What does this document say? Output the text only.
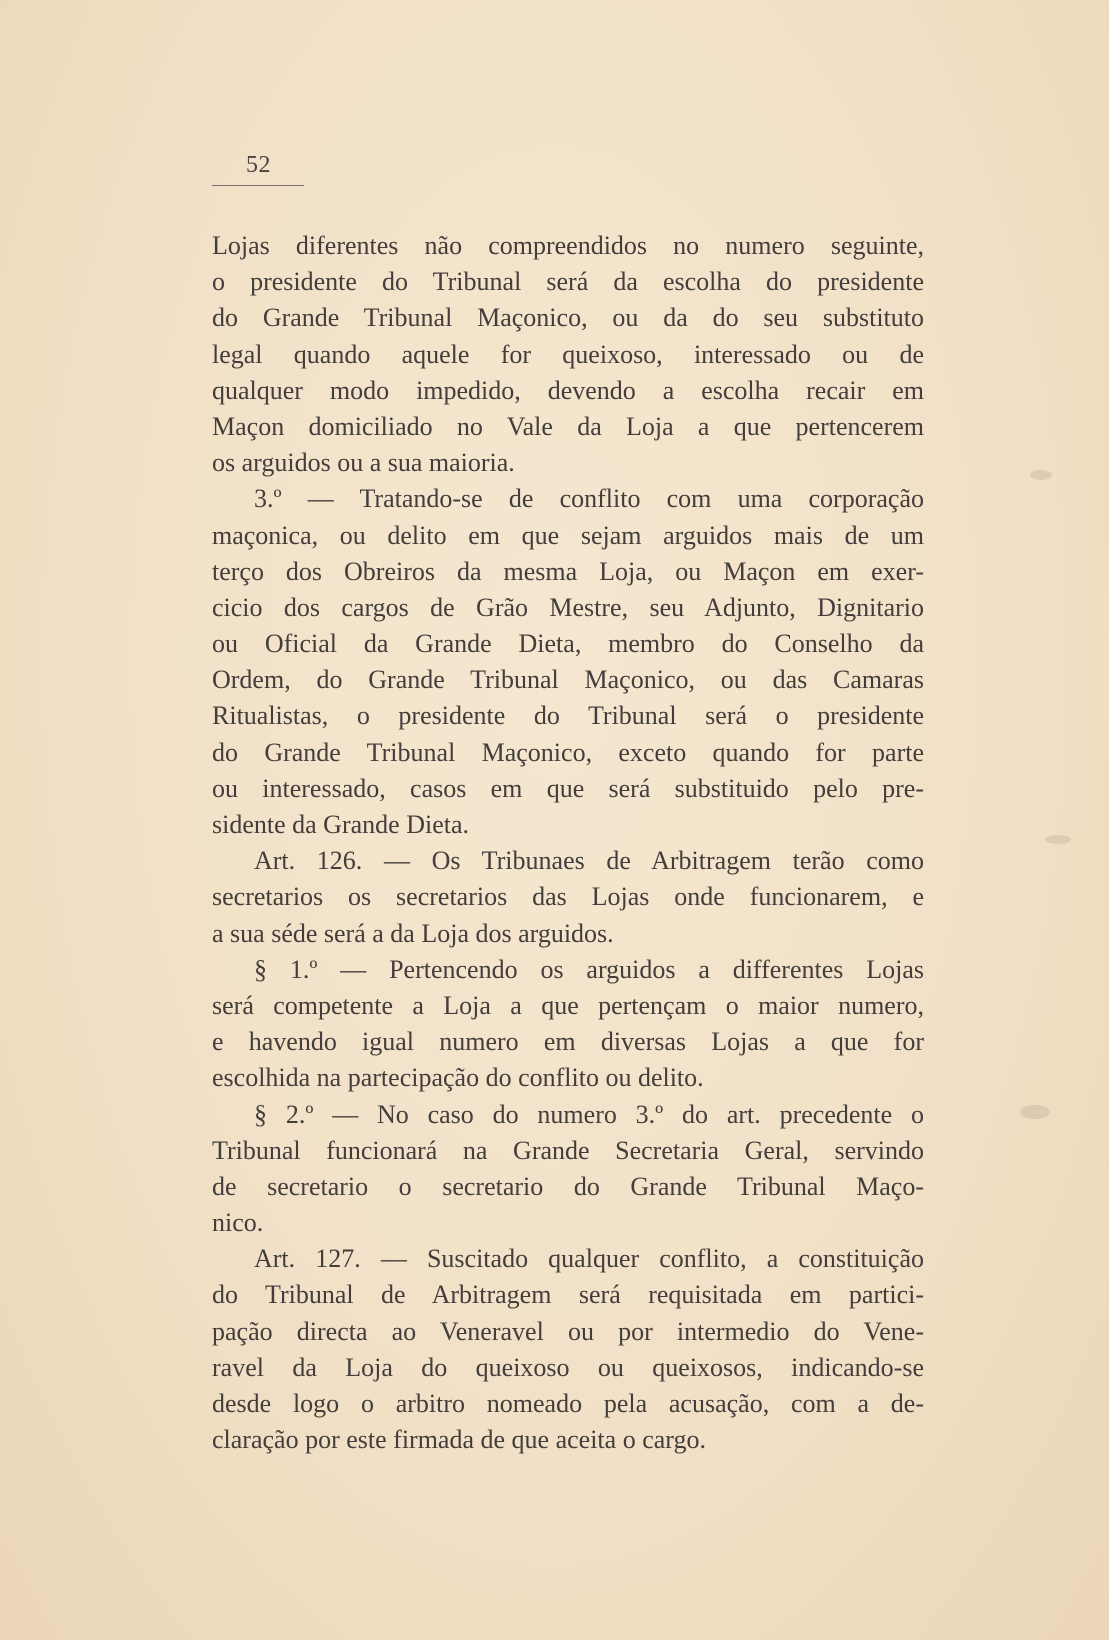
52
Lojas diferentes não compreendidos no numero seguinte,
o presidente do Tribunal será da escolha do presidente
do Grande Tribunal Maçonico, ou da do seu substituto
legal quando aquele for queixoso, interessado ou de
qualquer modo impedido, devendo a escolha recair em
Maçon domiciliado no Vale da Loja a que pertencerem
os arguidos ou a sua maioria.
3.º — Tratando-se de conflito com uma corporação
maçonica, ou delito em que sejam arguidos mais de um
terço dos Obreiros da mesma Loja, ou Maçon em exer-
cicio dos cargos de Grão Mestre, seu Adjunto, Dignitario
ou Oficial da Grande Dieta, membro do Conselho da
Ordem, do Grande Tribunal Maçonico, ou das Camaras
Ritualistas, o presidente do Tribunal será o presidente
do Grande Tribunal Maçonico, exceto quando for parte
ou interessado, casos em que será substituido pelo pre-
sidente da Grande Dieta.
Art. 126. — Os Tribunaes de Arbitragem terão como
secretarios os secretarios das Lojas onde funcionarem, e
a sua séde será a da Loja dos arguidos.
§ 1.º — Pertencendo os arguidos a differentes Lojas
será competente a Loja a que pertençam o maior numero,
e havendo igual numero em diversas Lojas a que for
escolhida na partecipação do conflito ou delito.
§ 2.º — No caso do numero 3.º do art. precedente o
Tribunal funcionará na Grande Secretaria Geral, servindo
de secretario o secretario do Grande Tribunal Maço-
nico.
Art. 127. — Suscitado qualquer conflito, a constituição
do Tribunal de Arbitragem será requisitada em partici-
pação directa ao Veneravel ou por intermedio do Vene-
ravel da Loja do queixoso ou queixosos, indicando-se
desde logo o arbitro nomeado pela acusação, com a de-
claração por este firmada de que aceita o cargo.
